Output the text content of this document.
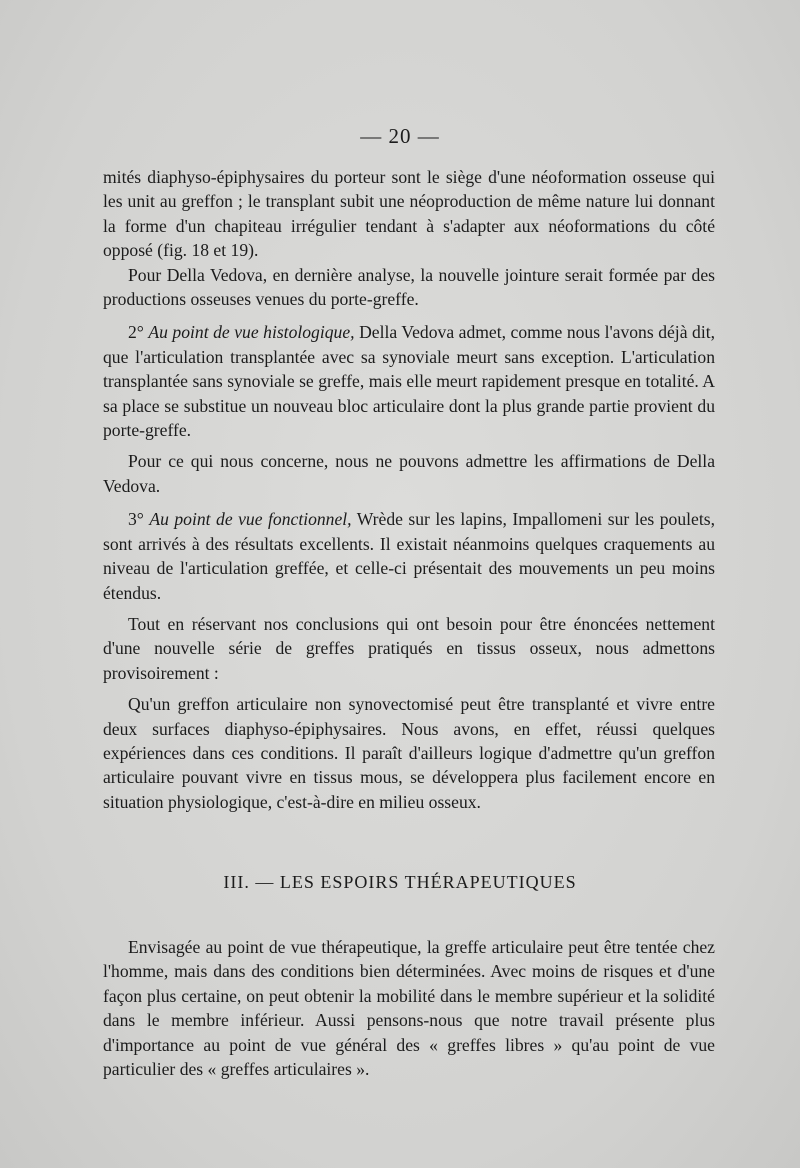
— 20 —

mités diaphyso-épiphysaires du porteur sont le siège d'une néoformation osseuse qui les unit au greffon ; le transplant subit une néoproduction de même nature lui donnant la forme d'un chapiteau irrégulier tendant à s'adapter aux néoformations du côté opposé (fig. 18 et 19).

Pour Della Vedova, en dernière analyse, la nouvelle jointure serait formée par des productions osseuses venues du porte-greffe.

2° Au point de vue histologique, Della Vedova admet, comme nous l'avons déjà dit, que l'articulation transplantée avec sa synoviale meurt sans exception. L'articulation transplantée sans synoviale se greffe, mais elle meurt rapidement presque en totalité. A sa place se substitue un nouveau bloc articulaire dont la plus grande partie provient du porte-greffe.

Pour ce qui nous concerne, nous ne pouvons admettre les affirmations de Della Vedova.

3° Au point de vue fonctionnel, Wrède sur les lapins, Impallomeni sur les poulets, sont arrivés à des résultats excellents. Il existait néanmoins quelques craquements au niveau de l'articulation greffée, et celle-ci présentait des mouvements un peu moins étendus.

Tout en réservant nos conclusions qui ont besoin pour être énoncées nettement d'une nouvelle série de greffes pratiqués en tissus osseux, nous admettons provisoirement :

Qu'un greffon articulaire non synovectomisé peut être transplanté et vivre entre deux surfaces diaphyso-épiphysaires. Nous avons, en effet, réussi quelques expériences dans ces conditions. Il paraît d'ailleurs logique d'admettre qu'un greffon articulaire pouvant vivre en tissus mous, se développera plus facilement encore en situation physiologique, c'est-à-dire en milieu osseux.

III. — LES ESPOIRS THÉRAPEUTIQUES

Envisagée au point de vue thérapeutique, la greffe articulaire peut être tentée chez l'homme, mais dans des conditions bien déterminées. Avec moins de risques et d'une façon plus certaine, on peut obtenir la mobilité dans le membre supérieur et la solidité dans le membre inférieur. Aussi pensons-nous que notre travail présente plus d'importance au point de vue général des « greffes libres » qu'au point de vue particulier des « greffes articulaires ».
